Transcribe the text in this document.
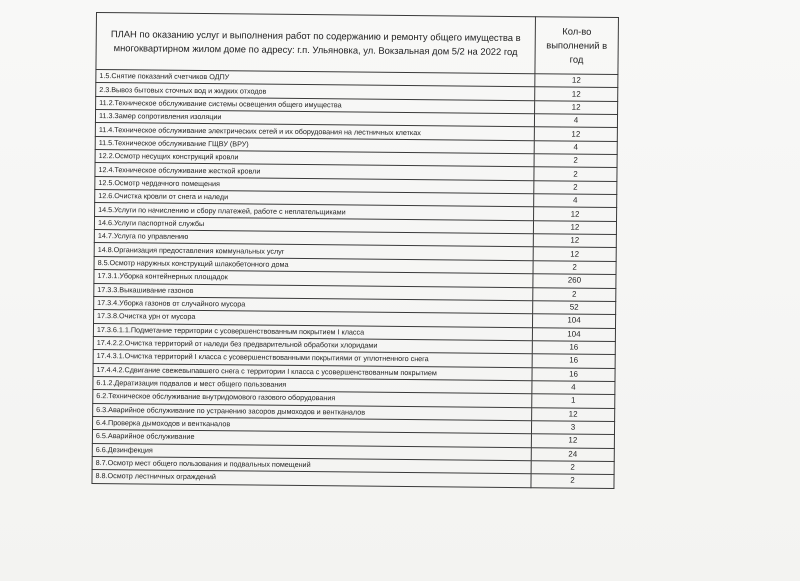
ПЛАН по оказанию услуг и выполнения работ по содержанию и ремонту общего имущества в многоквартирном жилом доме по адресу: г.п. Ульяновка, ул. Вокзальная дом 5/2 на 2022 год	Кол-во выполнений в год
1.5.Снятие показаний счетчиков ОДПУ	12
2.3.Вывоз бытовых сточных вод и жидких отходов	12
11.2.Техническое обслуживание системы освещения общего имущества	12
11.3.Замер сопротивления изоляции	4
11.4.Техническое обслуживание электрических сетей и их оборудования на лестничных клетках	12
11.5.Техническое обслуживание ГЩВУ (ВРУ)	4
12.2.Осмотр несущих конструкций кровли	2
12.4.Техническое обслуживание жесткой кровли	2
12.5.Осмотр чердачного помещения	2
12.6.Очистка кровли от снега и наледи	4
14.5.Услуги по начислению и сбору платежей, работе с неплательщиками	12
14.6.Услуги паспортной службы	12
14.7.Услуга по управлению	12
14.8.Организация предоставления коммунальных услуг	12
8.5.Осмотр наружных конструкций шлакобетонного дома	2
17.3.1.Уборка контейнерных площадок	260
17.3.3.Выкашивание газонов	2
17.3.4.Уборка газонов от случайного мусора	52
17.3.8.Очистка урн от мусора	104
17.3.6.1.1.Подметание территории с усовершенствованным покрытием I класса	104
17.4.2.2.Очистка территорий от наледи без предварительной обработки хлоридами	16
17.4.3.1.Очистка территорий I класса с усовершенствованными покрытиями от уплотненного снега	16
17.4.4.2.Сдвигание свежевыпавшего снега с территории I класса с усовершенствованным покрытием	16
6.1.2.Дератизация подвалов и мест общего пользования	4
6.2.Техническое обслуживание внутридомового газового оборудования	1
6.3.Аварийное обслуживание по устранению засоров дымоходов и вентканалов	12
6.4.Проверка дымоходов и вентканалов	3
6.5.Аварийное обслуживание	12
6.6.Дезинфекция	24
8.7.Осмотр мест общего пользования и подвальных помещений	2
8.8.Осмотр лестничных ограждений	2
